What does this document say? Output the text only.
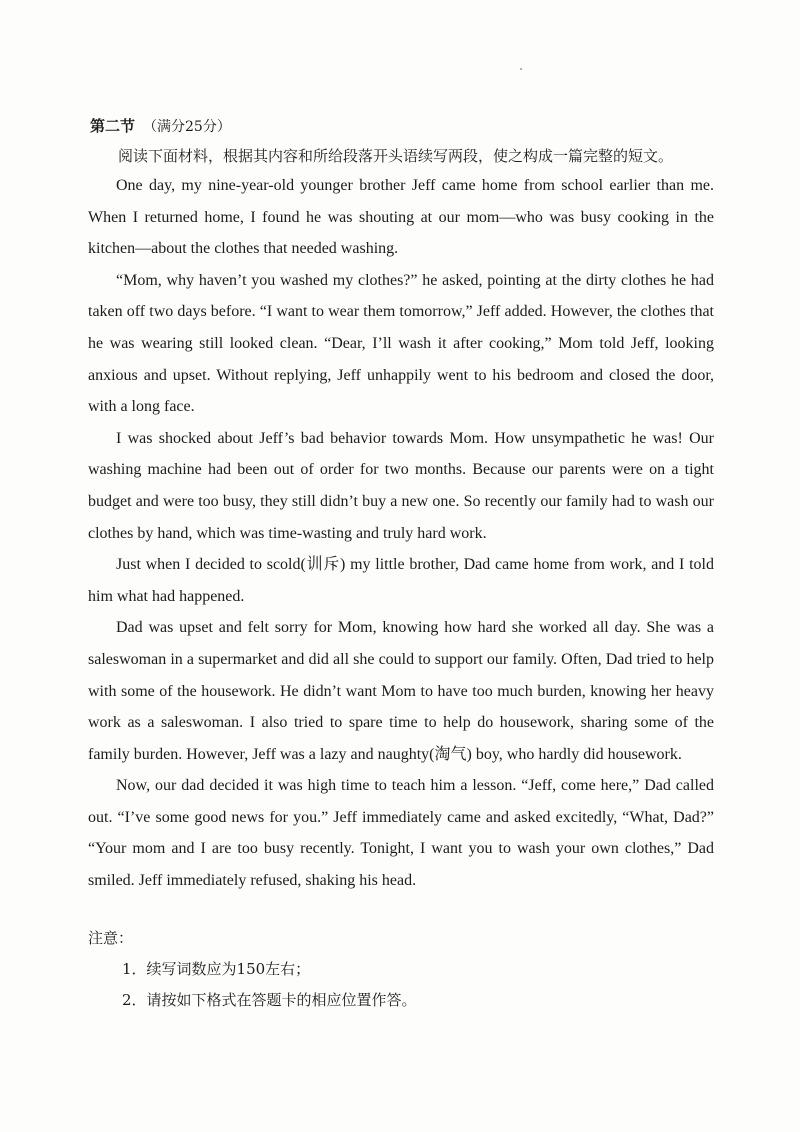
第二节 （满分25分）
阅读下面材料，根据其内容和所给段落开头语续写两段，使之构成一篇完整的短文。

One day, my nine-year-old younger brother Jeff came home from school earlier than me. When I returned home, I found he was shouting at our mom—who was busy cooking in the kitchen—about the clothes that needed washing.

“Mom, why haven’t you washed my clothes?” he asked, pointing at the dirty clothes he had taken off two days before. “I want to wear them tomorrow,” Jeff added. However, the clothes that he was wearing still looked clean. “Dear, I’ll wash it after cooking,” Mom told Jeff, looking anxious and upset. Without replying, Jeff unhappily went to his bedroom and closed the door, with a long face.

I was shocked about Jeff’s bad behavior towards Mom. How unsympathetic he was! Our washing machine had been out of order for two months. Because our parents were on a tight budget and were too busy, they still didn’t buy a new one. So recently our family had to wash our clothes by hand, which was time-wasting and truly hard work.

Just when I decided to scold(训斥) my little brother, Dad came home from work, and I told him what had happened.

Dad was upset and felt sorry for Mom, knowing how hard she worked all day. She was a saleswoman in a supermarket and did all she could to support our family. Often, Dad tried to help with some of the housework. He didn’t want Mom to have too much burden, knowing her heavy work as a saleswoman. I also tried to spare time to help do housework, sharing some of the family burden. However, Jeff was a lazy and naughty(淘气) boy, who hardly did housework.

Now, our dad decided it was high time to teach him a lesson. “Jeff, come here,” Dad called out. “I’ve some good news for you.” Jeff immediately came and asked excitedly, “What, Dad?” “Your mom and I are too busy recently. Tonight, I want you to wash your own clothes,” Dad smiled. Jeff immediately refused, shaking his head.

注意：
1．续写词数应为150左右；
2．请按如下格式在答题卡的相应位置作答。
